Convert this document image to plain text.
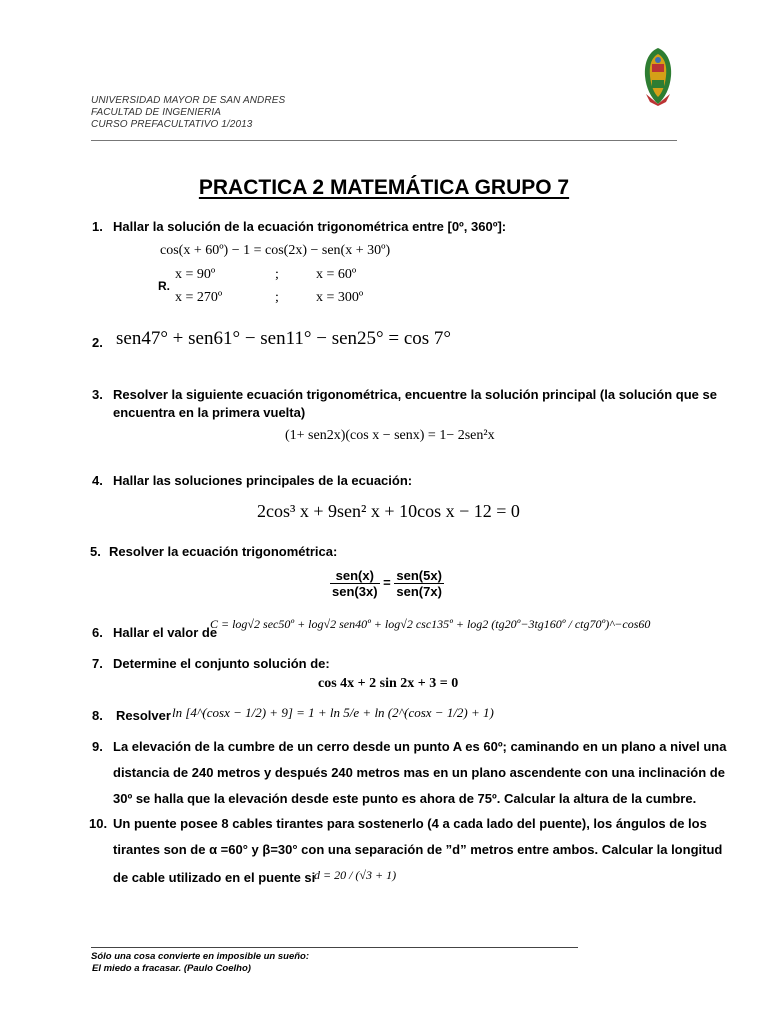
UNIVERSIDAD MAYOR DE SAN ANDRES
FACULTAD DE INGENIERIA
CURSO PREFACULTATIVO 1/2013
PRACTICA 2 MATEMÁTICA GRUPO 7
1. Hallar la solución de la ecuación trigonométrica entre [0º, 360º]:
cos(x + 60º) − 1 = cos(2x) − sen(x + 30º)
R.
x = 90º	;	x = 60º
x = 270º	;	x = 300º
2. sen47° + sen61° − sen11° − sen25° = cos 7°
3. Resolver la siguiente ecuación trigonométrica, encuentre la solución principal (la solución que se
encuentra en la primera vuelta)
(1+ sen2x)(cos x − senx) = 1− 2sen²x
4. Hallar las soluciones principales de la ecuación:
2cos³ x + 9sen² x + 10cos x − 12 = 0
5. Resolver la ecuación trigonométrica:
$\frac{\text{sen(x)}}{\text{sen(3x)}} = \frac{\text{sen(5x)}}{\text{sen(7x)}}$
6. Hallar el valor de
C = log√2 sec50º + log√2 sen40º + log√2 csc135º + log2 (tg20º−3tg160º / ctg70º)^−cos60
7. Determine el conjunto solución de:
cos 4x + 2 sin 2x + 3 = 0
8. Resolver ln [4^(cosx − 1/2) + 9] = 1 + ln 5/e + ln (2^(cosx − 1/2) + 1)
9. La elevación de la cumbre de un cerro desde un punto A es 60º; caminando en un plano a nivel una
distancia de 240 metros y después 240 metros mas en un plano ascendente con una inclinación de
30º se halla que la elevación desde este punto es ahora de 75º. Calcular la altura de la cumbre.
10. Un puente posee 8 cables tirantes para sostenerlo (4 a cada lado del puente), los ángulos de los
tirantes son de α =60° y β=30° con una separación de ”d” metros entre ambos. Calcular la longitud
de cable utilizado en el puente si
d = 20 / (√3 + 1)
Sólo una cosa convierte en imposible un sueño:
El miedo a fracasar. (Paulo Coelho)
